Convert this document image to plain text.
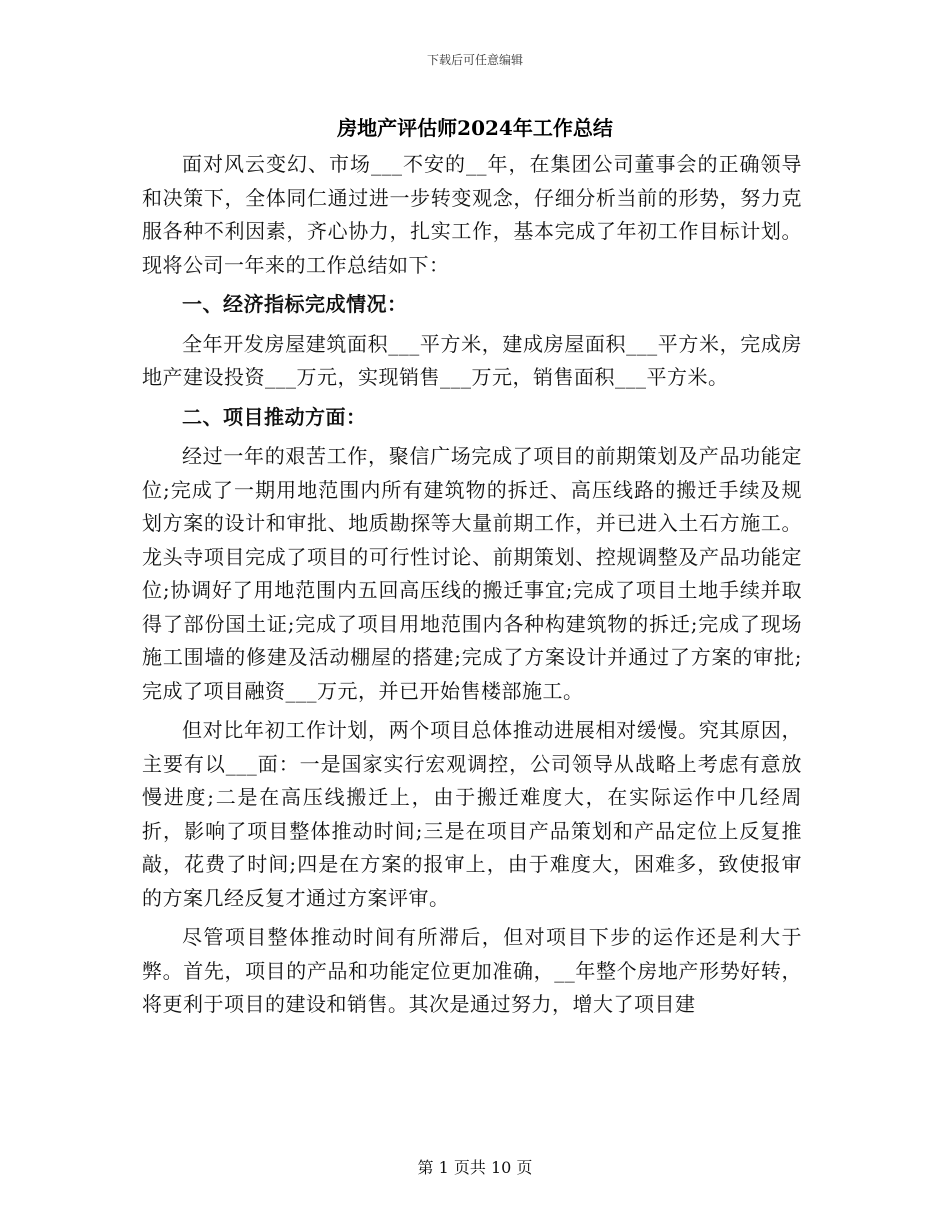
下载后可任意编辑
房地产评估师2024年工作总结

面对风云变幻、市场___不安的__年，在集团公司董事会的正确领导和决策下，全体同仁通过进一步转变观念，仔细分析当前的形势，努力克服各种不利因素，齐心协力，扎实工作，基本完成了年初工作目标计划。现将公司一年来的工作总结如下：

一、经济指标完成情况：

全年开发房屋建筑面积___平方米，建成房屋面积___平方米，完成房地产建设投资___万元，实现销售___万元，销售面积___平方米。

二、项目推动方面：

经过一年的艰苦工作，聚信广场完成了项目的前期策划及产品功能定位;完成了一期用地范围内所有建筑物的拆迁、高压线路的搬迁手续及规划方案的设计和审批、地质勘探等大量前期工作，并已进入土石方施工。龙头寺项目完成了项目的可行性讨论、前期策划、控规调整及产品功能定位;协调好了用地范围内五回高压线的搬迁事宜;完成了项目土地手续并取得了部份国土证;完成了项目用地范围内各种构建筑物的拆迁;完成了现场施工围墙的修建及活动棚屋的搭建;完成了方案设计并通过了方案的审批;完成了项目融资___万元，并已开始售楼部施工。

但对比年初工作计划，两个项目总体推动进展相对缓慢。究其原因，主要有以___面：一是国家实行宏观调控，公司领导从战略上考虑有意放慢进度;二是在高压线搬迁上，由于搬迁难度大，在实际运作中几经周折，影响了项目整体推动时间;三是在项目产品策划和产品定位上反复推敲，花费了时间;四是在方案的报审上，由于难度大，困难多，致使报审的方案几经反复才通过方案评审。

尽管项目整体推动时间有所滞后，但对项目下步的运作还是利大于弊。首先，项目的产品和功能定位更加准确，__年整个房地产形势好转，将更利于项目的建设和销售。其次是通过努力，增大了项目建

第 1 页共 10 页
